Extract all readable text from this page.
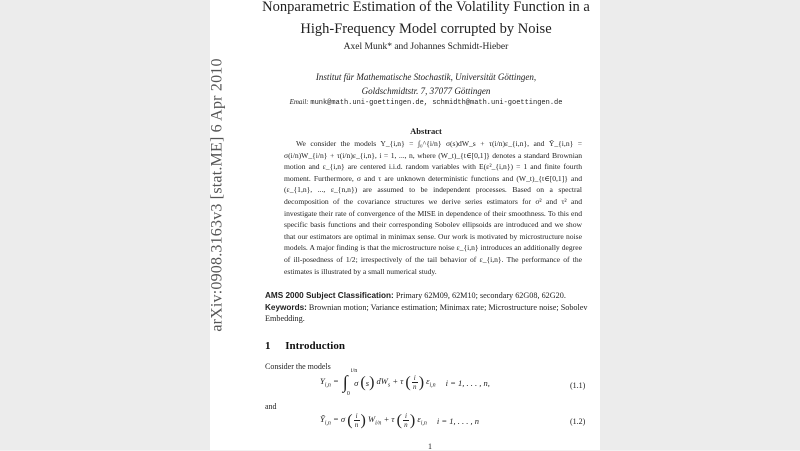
arXiv:0908.3163v3 [stat.ME] 6 Apr 2010
Nonparametric Estimation of the Volatility Function in a
High-Frequency Model corrupted by Noise
Axel Munk* and Johannes Schmidt-Hieber
Institut für Mathematische Stochastik, Universität Göttingen,
Goldschmidtstr. 7, 37077 Göttingen
Email: munk@math.uni-goettingen.de, schmidth@math.uni-goettingen.de
Abstract
We consider the models Y_{i,n} = ∫₀^{i/n} σ(s)dW_s + τ(i/n)ε_{i,n}, and Ỹ_{i,n} = σ(i/n)W_{i/n} + τ(i/n)ε_{i,n}, i = 1, ..., n, where (W_t)_{t∈[0,1]} denotes a standard Brownian motion and ε_{i,n} are centered i.i.d. random variables with E(ε²_{i,n}) = 1 and finite fourth moment. Furthermore, σ and τ are unknown deterministic functions and (W_t)_{t∈[0,1]} and (ε_{1,n}, ..., ε_{n,n}) are assumed to be independent processes. Based on a spectral decomposition of the covariance structures we derive series estimators for σ² and τ² and investigate their rate of convergence of the MISE in dependence of their smoothness. To this end specific basis functions and their corresponding Sobolev ellipsoids are introduced and we show that our estimators are optimal in minimax sense. Our work is motivated by microstructure noise models. A major finding is that the microstructure noise ε_{i,n} introduces an additionally degree of ill-posedness of 1/2; irrespectively of the tail behavior of ε_{i,n}. The performance of the estimates is illustrated by a small numerical study.
AMS 2000 Subject Classification: Primary 62M09, 62M10; secondary 62G08, 62G20.
Keywords: Brownian motion; Variance estimation; Minimax rate; Microstructure noise; Sobolev Embedding.
1 Introduction
Consider the models
$Y_{i,n}$ = ∫
i/n
0
σ ( s ) $dW_s + \tau$ ( $\frac{i}{n}$ ) $\varepsilon_{i,n}$ i = 1, . . . , n,	(1.1)
and
Ỹ$_{i,n}$ = σ ( $\frac{i}{n}$ ) $W_{i/n} + \tau$ ( $\frac{i}{n}$ ) $\varepsilon_{i,n}$ i = 1, . . . , n	(1.2)
1
